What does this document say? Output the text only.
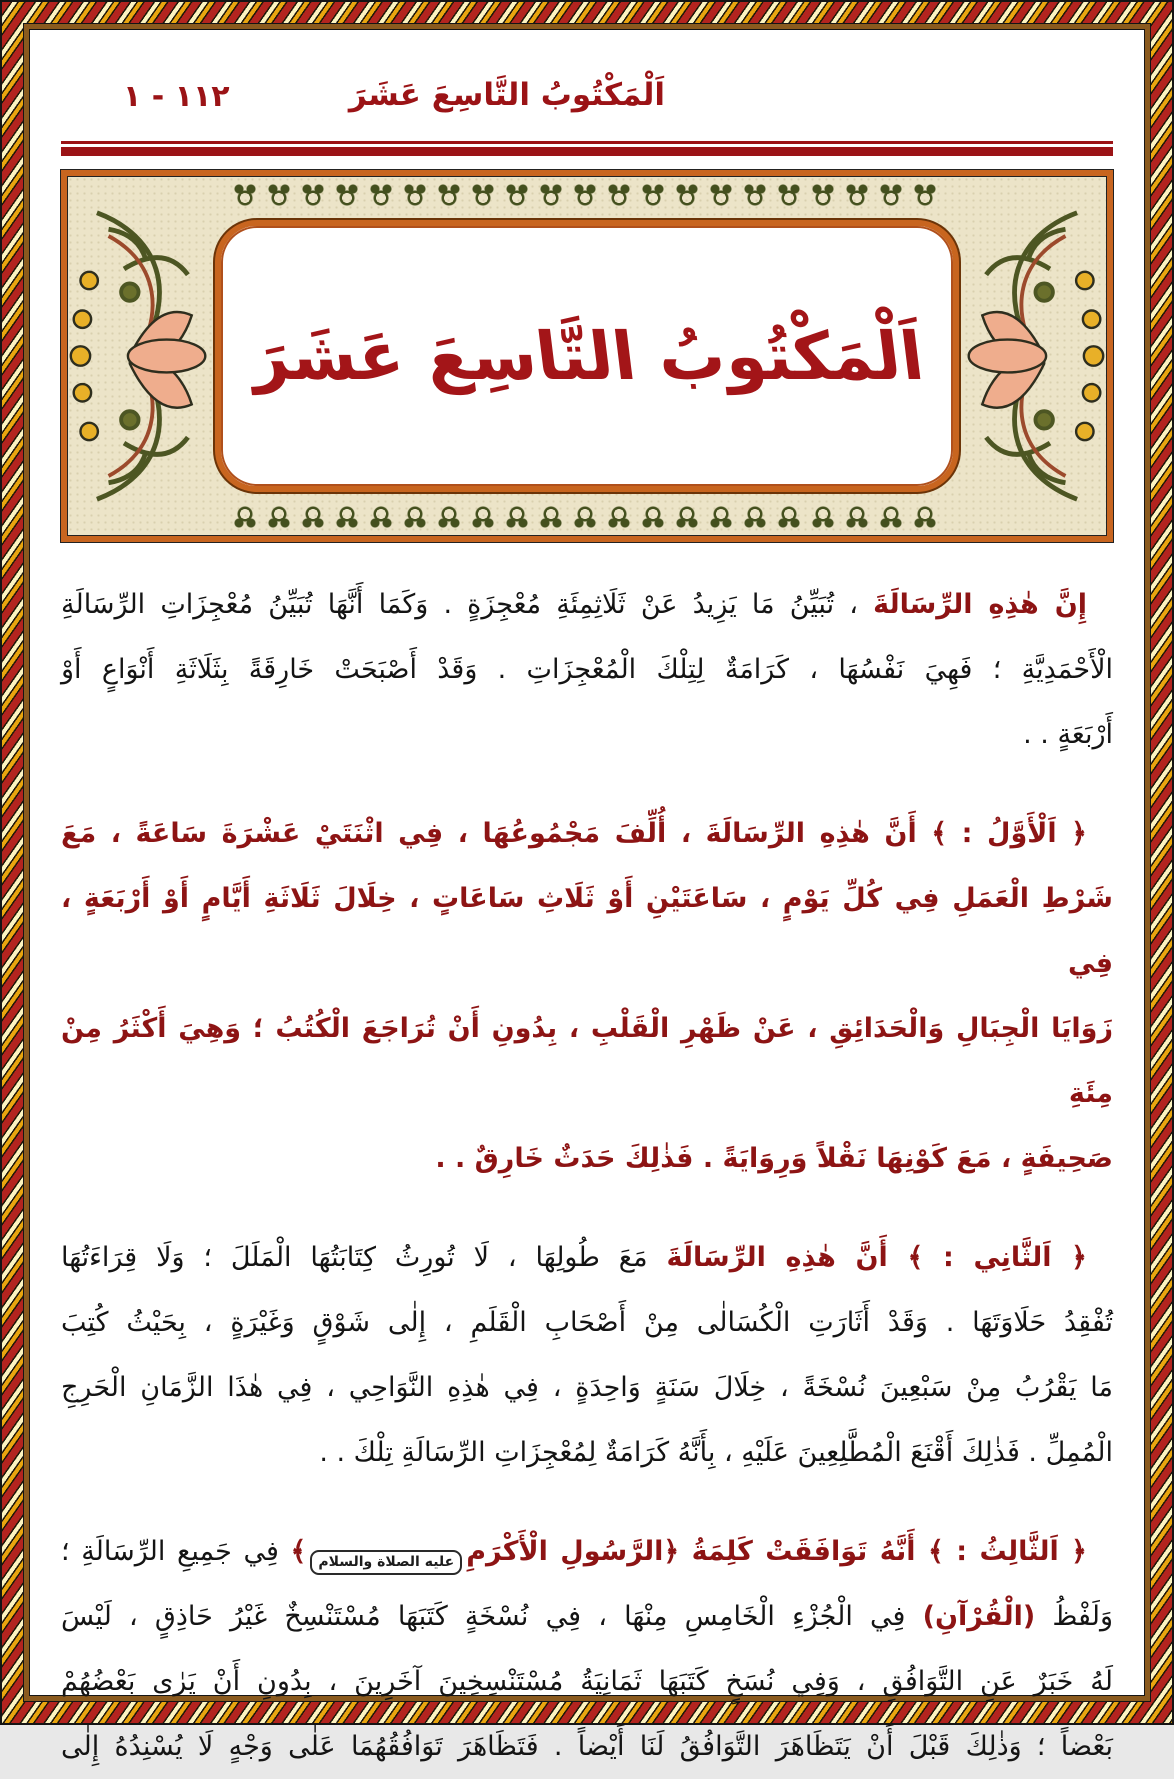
اَلْمَكْتُوبُ التَّاسِعَ عَشَرَ
١١٢ - ١
اَلْمَكْتُوبُ التَّاسِعَ عَشَرَ
إِنَّ هٰذِهِ الرِّسَالَةَ ، تُبَيِّنُ مَا يَزِيدُ عَنْ ثَلَاثِمِئَةِ مُعْجِزَةٍ . وَكَمَا أَنَّهَا تُبَيِّنُ مُعْجِزَاتِ الرِّسَالَةِ
الْأَحْمَدِيَّةِ ؛ فَهِيَ نَفْسُهَا ، كَرَامَةٌ لِتِلْكَ الْمُعْجِزَاتِ . وَقَدْ أَصْبَحَتْ خَارِقَةً بِثَلَاثَةِ أَنْوَاعٍ أَوْ
أَرْبَعَةٍ . .
﴿ اَلْأَوَّلُ : ﴾ أَنَّ هٰذِهِ الرِّسَالَةَ ، أُلِّفَ مَجْمُوعُهَا ، فِي اثْنَتَيْ عَشْرَةَ سَاعَةً ، مَعَ
شَرْطِ الْعَمَلِ فِي كُلِّ يَوْمٍ ، سَاعَتَيْنِ أَوْ ثَلَاثِ سَاعَاتٍ ، خِلَالَ ثَلَاثَةِ أَيَّامٍ أَوْ أَرْبَعَةٍ ، فِي
زَوَايَا الْجِبَالِ وَالْحَدَائِقِ ، عَنْ ظَهْرِ الْقَلْبِ ، بِدُونِ أَنْ تُرَاجَعَ الْكُتُبُ ؛ وَهِيَ أَكْثَرُ مِنْ مِئَةِ
صَحِيفَةٍ ، مَعَ كَوْنِهَا نَقْلاً وَرِوَايَةً . فَذٰلِكَ حَدَثٌ خَارِقٌ . .
﴿ اَلثَّانِي : ﴾ أَنَّ هٰذِهِ الرِّسَالَةَ مَعَ طُولِهَا ، لَا تُورِثُ كِتَابَتُهَا الْمَلَلَ ؛ وَلَا قِرَاءَتُهَا
تُفْقِدُ حَلَاوَتَهَا . وَقَدْ أَثَارَتِ الْكُسَالٰى مِنْ أَصْحَابِ الْقَلَمِ ، إِلٰى شَوْقٍ وَغَيْرَةٍ ، بِحَيْثُ كُتِبَ
مَا يَقْرُبُ مِنْ سَبْعِينَ نُسْخَةً ، خِلَالَ سَنَةٍ وَاحِدَةٍ ، فِي هٰذِهِ النَّوَاحِي ، فِي هٰذَا الزَّمَانِ الْحَرِجِ
الْمُمِلِّ . فَذٰلِكَ أَقْنَعَ الْمُطَّلِعِينَ عَلَيْهِ ، بِأَنَّهُ كَرَامَةٌ لِمُعْجِزَاتِ الرِّسَالَةِ تِلْكَ . .
﴿ اَلثَّالِثُ : ﴾ أَنَّهُ تَوَافَقَتْ كَلِمَةُ ﴿الرَّسُولِ الْأَكْرَمِعليه الصلاة والسلام﴾ فِي جَمِيعِ الرِّسَالَةِ ؛
وَلَفْظُ (الْقُرْآنِ) فِي الْجُزْءِ الْخَامِسِ مِنْهَا ، فِي نُسْخَةٍ كَتَبَهَا مُسْتَنْسِخٌ غَيْرُ حَاذِقٍ ، لَيْسَ
لَهُ خَبَرٌ عَنِ التَّوَافُقِ ، وَفِي نُسَخٍ كَتَبَهَا ثَمَانِيَةُ مُسْتَنْسِخِينَ آخَرِينَ ، بِدُونِ أَنْ يَرٰى بَعْضُهُمْ
بَعْضاً ؛ وَذٰلِكَ قَبْلَ أَنْ يَتَظَاهَرَ التَّوَافُقُ لَنَا أَيْضاً . فَتَظَاهَرَ تَوَافُقُهُمَا عَلٰى وَجْهٍ لَا يُسْنِدُهُ إِلٰى
